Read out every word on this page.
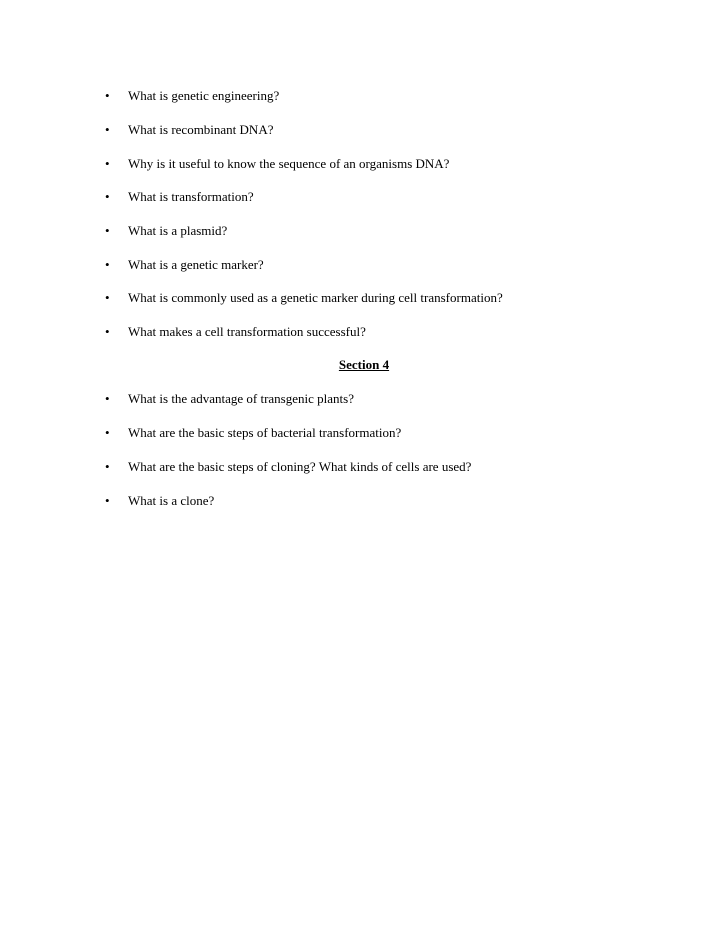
• What is genetic engineering?
• What is recombinant DNA?
• Why is it useful to know the sequence of an organisms DNA?
• What is transformation?
• What is a plasmid?
• What is a genetic marker?
• What is commonly used as a genetic marker during cell transformation?
• What makes a cell transformation successful?
Section 4
• What is the advantage of transgenic plants?
• What are the basic steps of bacterial transformation?
• What are the basic steps of cloning? What kinds of cells are used?
• What is a clone?
